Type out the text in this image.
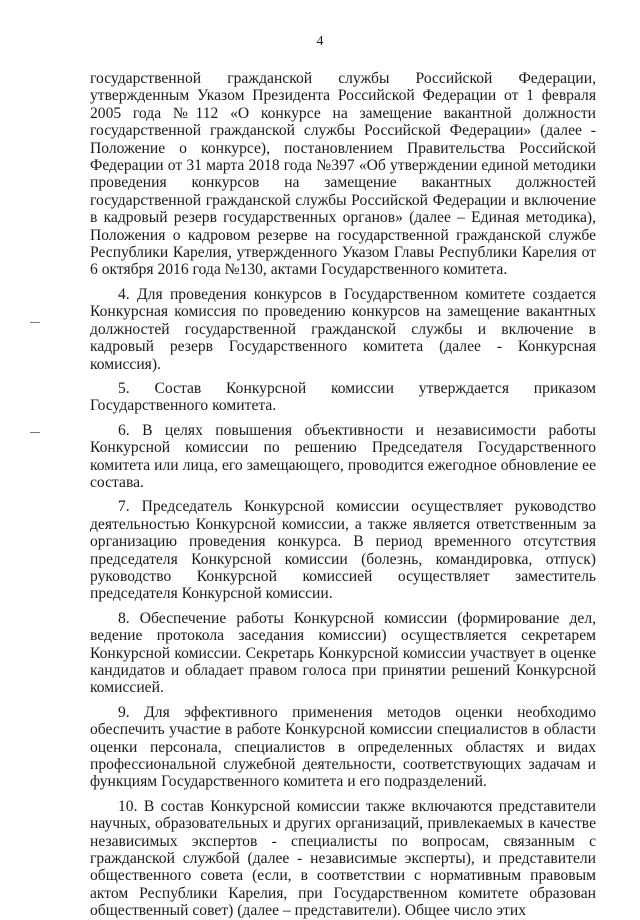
4

государственной гражданской службы Российской Федерации, утвержденным Указом Президента Российской Федерации от 1 февраля 2005 года №112 «О конкурсе на замещение вакантной должности государственной гражданской службы Российской Федерации» (далее - Положение о конкурсе), постановлением Правительства Российской Федерации от 31 марта 2018 года №397 «Об утверждении единой методики проведения конкурсов на замещение вакантных должностей государственной гражданской службы Российской Федерации и включение в кадровый резерв государственных органов» (далее – Единая методика), Положения о кадровом резерве на государственной гражданской службе Республики Карелия, утвержденного Указом Главы Республики Карелия от 6 октября 2016 года №130, актами Государственного комитета.

4. Для проведения конкурсов в Государственном комитете создается Конкурсная комиссия по проведению конкурсов на замещение вакантных должностей государственной гражданской службы и включение в кадровый резерв Государственного комитета (далее - Конкурсная комиссия).

5. Состав Конкурсной комиссии утверждается приказом Государственного комитета.

6. В целях повышения объективности и независимости работы Конкурсной комиссии по решению Председателя Государственного комитета или лица, его замещающего, проводится ежегодное обновление ее состава.

7. Председатель Конкурсной комиссии осуществляет руководство деятельностью Конкурсной комиссии, а также является ответственным за организацию проведения конкурса. В период временного отсутствия председателя Конкурсной комиссии (болезнь, командировка, отпуск) руководство Конкурсной комиссией осуществляет заместитель председателя Конкурсной комиссии.

8. Обеспечение работы Конкурсной комиссии (формирование дел, ведение протокола заседания комиссии) осуществляется секретарем Конкурсной комиссии. Секретарь Конкурсной комиссии участвует в оценке кандидатов и обладает правом голоса при принятии решений Конкурсной комиссией.

9. Для эффективного применения методов оценки необходимо обеспечить участие в работе Конкурсной комиссии специалистов в области оценки персонала, специалистов в определенных областях и видах профессиональной служебной деятельности, соответствующих задачам и функциям Государственного комитета и его подразделений.

10. В состав Конкурсной комиссии также включаются представители научных, образовательных и других организаций, привлекаемых в качестве независимых экспертов - специалисты по вопросам, связанным с гражданской службой (далее - независимые эксперты), и представители общественного совета (если, в соответствии с нормативным правовым актом Республики Карелия, при Государственном комитете образован общественный совет) (далее – представители). Общее число этих
